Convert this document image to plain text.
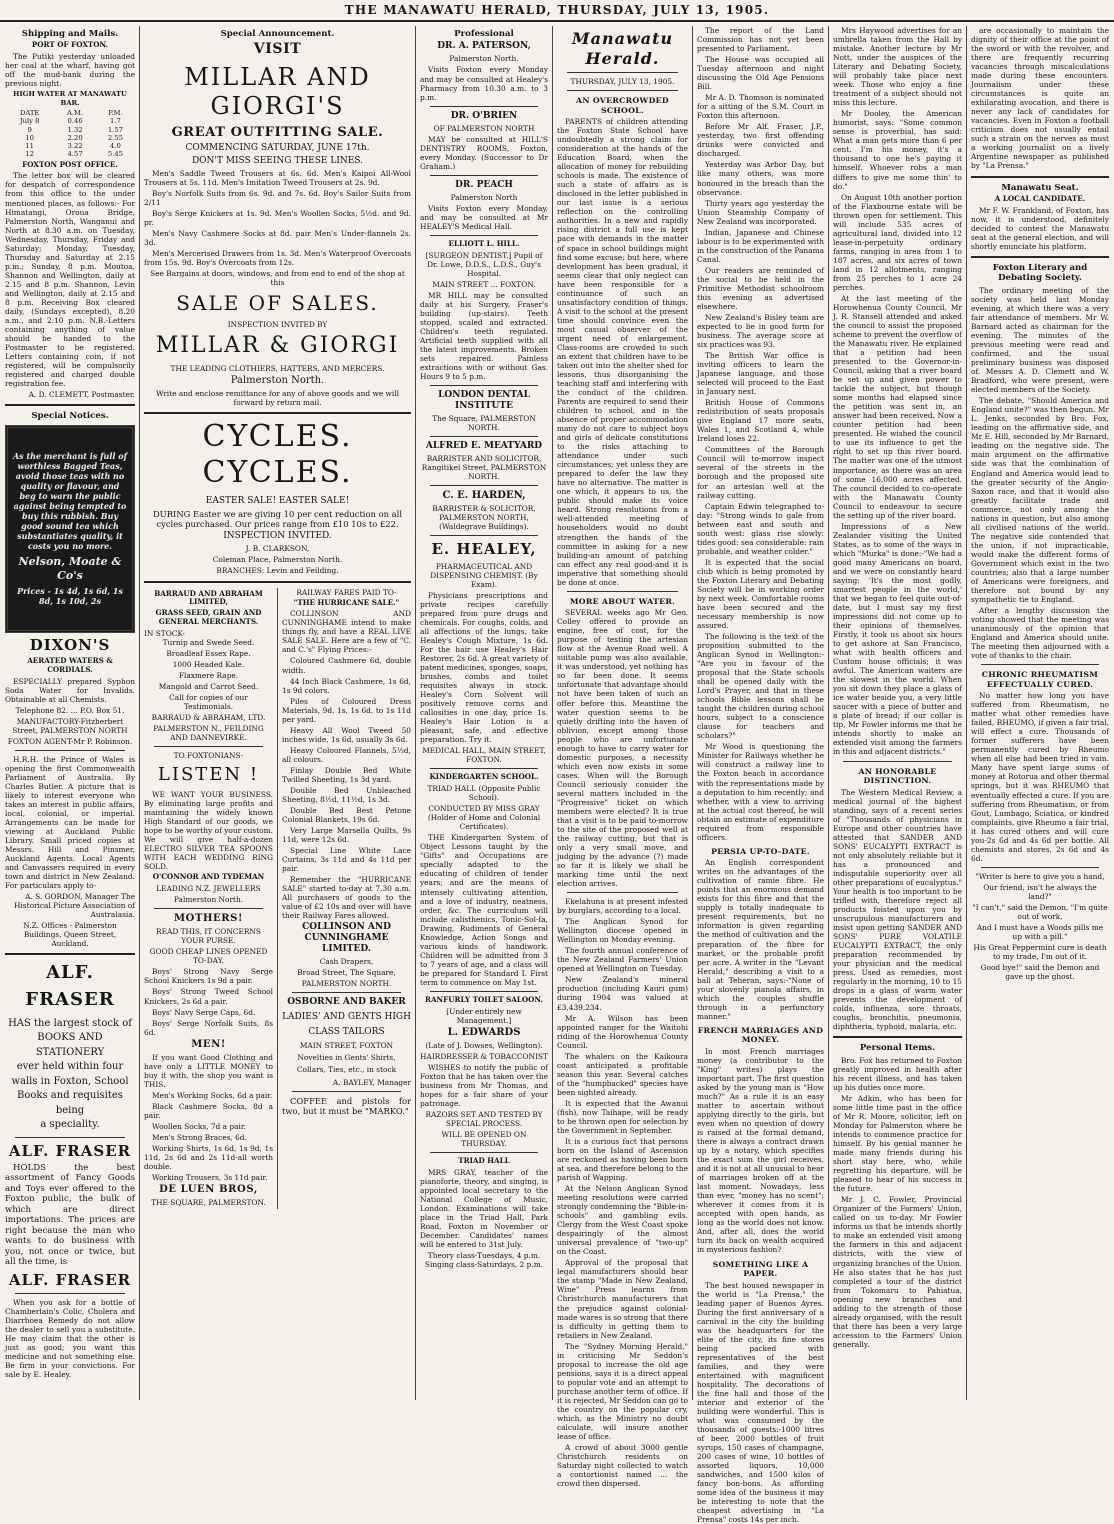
THE MANAWATU HERALD, THURSDAY, JULY 13, 1905.
Shipping and Mails.
PORT OF FOXTON.

The Putiki yesterday unloaded her coal at the wharf, having got off the mud-bank during the previous night.

HIGH WATER AT MANAWATU BAR.
DATE	A.M.	P.M.
July 8	0.46	1.7
9	1.32	1.57
10	2.20	2.55
11	3.22	4.0
12	4.57	5.45
FOXTON POST OFFICE.

The letter box will be cleared for despatch of correspondence from this office to the under mentioned places, as follows:- For Himatangi, Oroua Bridge, Palmerston North, Wanganui and North at 8.30 a.m. on Tuesday, Wednesday, Thursday, Friday and Saturday; Monday, Tuesday, Thursday and Saturday at 2.15 p.m.; Sunday, 8 p.m. Moutoa, Shannon and Wellington, daily at 2.15 and 8 p.m. Shannon, Levin and Wellington, daily at 2.15 and 8 p.m. Receiving Box cleared daily, (Sundays excepted), 8.20 a.m., and 2.10 p.m. N.B.-Letters containing anything of value should be handed to the Postmaster to be registered. Letters containing coin, if not registered, will be compulsorily registered and charged double registration fee.

A. D. CLEMETT, Postmaster.

Special Notices.
As the merchant is full of worthless Bagged Teas, avoid those teas with no quality or flavour, and beg to warn the public against being tempted to buy this rubbish. Buy good sound tea which substantiates quality, it costs you no more.
Nelson, Moate & Co's
Prices - 1s 4d, 1s 6d, 1s 8d, 1s 10d, 2s
DIXON'S
AERATED WATERS & CORDIALS.

ESPECIALLY prepared Syphon Soda Water for Invalids. Obtainable at all Chemists.

Telephone 82. ... P.O. Box 51.

MANUFACTORY-Fitzherbert Street, PALMERSTON NORTH

FOXTON AGENT-Mr P. Robinson.

H.R.H. the Prince of Wales is opening the first Commonwealth Parliament of Australia. By Charles Butler. A picture that is likely to interest everyone who takes an interest in public affairs, local, colonial, or imperial. Arrangements can be made for viewing at Auckland Public Library. Small priced copies at Messrs. Hill and Pinsmer, Auckland Agents. Local Agents and Canvassers required in every town and district in New Zealand. For particulars apply to-

A. S. GORDON, Manager The Historical Picture Association of Australasia.

N.Z. Offices - Palmerston Buildings, Queen Street, Auckland.

ALF. FRASER
HAS the largest stock of
BOOKS AND STATIONERY
ever held within four
walls in Foxton, School
Books and requisites being
a speciality.
ALF. FRASER

HOLDS the best assortment of Fancy Goods and Toys ever offered to the Foxton public, the bulk of which are direct importations. The prices are right because the man who wants to do business with you, not once or twice, but all the time, is

ALF. FRASER

When you ask for a bottle of Chamberlain's Colic, Cholera and Diarrhoea Remedy do not allow the dealer to sell you a substitute. He may claim that the other is just as good; you want this medicine and not something else. Be firm in your convictions. For sale by E. Healey.

Special Announcement.
VISIT
MILLAR AND GIORGI'S
GREAT OUTFITTING SALE.

COMMENCING SATURDAY, JUNE 17th.

DON'T MISS SEEING THESE LINES.

Men's Saddle Tweed Trousers at 6s. 6d. Men's Kaipoi All-Wool Trousers at 5s. 11d. Men's Imitation Tweed Trousers at 2s. 9d.

Boy's Norfolk Suits from 6s. 9d. and 7s. 6d. Boy's Sailor Suits from 2/11

Boy's Serge Knickers at 1s. 9d. Men's Woollen Socks, 5½d. and 9d. pr.

Men's Navy Cashmere Socks at 8d. pair Men's Under-flannels 2s. 3d.

Men's Mercerised Drawers from 1s. 3d. Men's Waterproof Overcoats from 15s. 9d. Boy's Overcoats from 12s.

See Bargains at doors, windows, and from end to end of the shop at this

SALE OF SALES.

INSPECTION INVITED BY

MILLAR & GIORGI

THE LEADING CLOTHIERS, HATTERS, AND MERCERS.

Palmerston North.

Write and enclose remittance for any of above goods and we will forward by return mail.

CYCLES. CYCLES.

EASTER SALE! EASTER SALE!

DURING Easter we are giving 10 per cent reduction on all cycles purchased. Our prices range from £10 10s to £22.

INSPECTION INVITED.

J. B. CLARKSON,

Coleman Place, Palmerston North.

BRANCHES: Levin and Feilding.

BARRAUD AND ABRAHAM LIMITED,
GRASS SEED, GRAIN AND GENERAL MERCHANTS.

IN STOCK-

Turnip and Swede Seed.

Broadleaf Essex Rape.

1000 Headed Kale.

Flaxmere Rape.

Mangold and Carrot Seed.

Call for copies of our Testimonials.

BARRAUD & ABRAHAM, LTD.

PALMERSTON N., FEILDING AND DANNEVIRKE.

TO FOXTONIANS-

LISTEN !

WE WANT YOUR BUSINESS. By eliminating large profits and maintaining the widely known High Standard of our goods, we hope to be worthy of your custom. We will give half-a-dozen ELECTRO SILVER TEA SPOONS WITH EACH WEDDING RING SOLD.

O'CONNOR AND TYDEMAN

LEADING N.Z. JEWELLERS

Palmerston North.

MOTHERS!

READ THIS, IT CONCERNS YOUR PURSE.

GOOD CHEAP LINES OPENED TO-DAY.

Boys' Strong Navy Serge School Knickers 1s 9d a pair.

Boys' Strong Tweed School Knickers, 2s 6d a pair.

Boys' Navy Serge Caps, 6d.

Boys' Serge Norfolk Suits, 8s 6d.

MEN!

If you want Good Clothing and have only a LITTLE MONEY to buy it with, the shop you want is THIS.

Men's Working Socks, 6d a pair.

Black Cashmere Socks, 8d a pair.

Woollen Socks, 7d a pair.

Men's Strong Braces, 6d.

Working Shirts, 1s 6d, 1s 9d, 1s 11d, 2s 6d and 2s 11d-all worth double.

Working Trousers, 3s 11d pair.

DE LUEN BROS,

THE SQUARE, PALMERSTON.

RAILWAY FARES PAID TO-

"THE HURRICANE SALE."

COLLINSON AND CUNNINGHAME intend to make things fly, and have a REAL LIVE SALE SALE. Here are a few of "C. and C.'s" Flying Prices:-

Coloured Cashmere 6d, double width.

44 Inch Black Cashmere, 1s 6d, 1s 9d colors.

Piles of Coloured Dress Materials, 9d, 1s, 1s 6d, to 1s 11d per yard.

Heavy All Wool Tweed 50 inches wide, 1s 6d, usually 3s 6d.

Heavy Coloured Flannels, 5½d, all colours.

Finlay Double Bed White Twilled Sheeting, 1s 3d yard.

Double Bed Unbleached Sheeting, 8½d, 11½d, 1s 3d.

Double Bed Best Petone Colonial Blankets, 19s 6d.

Very Large Marsella Quilts, 9s 11d, were 12s 6d.

Special Line White Lace Curtains, 3s 11d and 4s 11d per pair.

Remember the "HURRICANE SALE" started to-day at 7.30 a.m. All purchasers of goods to the value of £2 10s and over will have their Railway Fares allowed.

COLLINSON AND CUNNINGHAME LIMITED.

Cash Drapers,

Broad Street, The Square,

PALMERSTON NORTH.

OSBORNE AND BAKER

LADIES' AND GENTS HIGH CLASS TAILORS

MAIN STREET, FOXTON

Novelties in Gents' Shirts, Collars, Ties, etc., in stock

A. BAYLEY, Manager

COFFEE and pistols for two, but it must be "MARKO."

Professional
DR. A. PATERSON,

Palmerston North.

Visits Foxton every Monday and may be consulted at Healey's Pharmacy from 10.30 a.m. to 3 p.m.

DR. O'BRIEN

OF PALMERSTON NORTH

MAY be consulted at HILL'S DENTISTRY ROOMS, Foxton, every Monday. (Successor to Dr Graham.)

DR. PEACH

Palmerston North

Visits Foxton every Monday, and may be consulted at Mr HEALEY'S Medical Hall.

ELLIOTT L. HILL.

[SURGEON DENTIST.] Pupil of Dr. Lowe, D.D.S., L.D.S., Guy's Hospital.

MAIN STREET ... FOXTON.

MR HILL may be consulted daily at his Surgery, Fraser's building (up-stairs). Teeth stopped, scaled and extracted. Children's teeth regulated. Artificial teeth supplied with all the latest improvements. Broken sets repaired. Painless extractions with or without Gas. Hours 9 to 5 p.m.

LONDON DENTAL INSTITUTE

The Square, PALMERSTON NORTH.

ALFRED E. MEATYARD

BARRISTER AND SOLICITOR, Rangitikei Street, PALMERSTON NORTH.

C. E. HARDEN,

BARRISTER & SOLICITOR, PALMERSTON NORTH, (Waldegrave Buildings).

E. HEALEY,

PHARMACEUTICAL AND DISPENSING CHEMIST. (By Exam).

Physicians prescriptions and private recipes carefully prepared from pure drugs and chemicals. For coughs, colds, and all affections of the lungs, take Healey's Cough Mixture, 1s 6d. For the hair use Healey's Hair Restorer, 2s 6d. A great variety of patent medicines, sponges, soaps, brushes, combs and toilet requisites always in stock. Healey's Corn Solvent will positively remove corns and callosities in one day, price 1s. Healey's Hair Lotion is a pleasant, safe, and effective preparation. Try it.

MEDICAL HALL, MAIN STREET, FOXTON.

KINDERGARTEN SCHOOL.

TRIAD HALL (Opposite Public School).

CONDUCTED BY MISS GRAY (Holder of Home and Colonial Certificates).

THE Kindergarten System of Object Lessons taught by the "Gifts" and Occupations are specially adapted to the educating of children of tender years; and are the means of intensely cultivating attention, and a love of industry, neatness, order, &c. The curriculum will include calisthenics, Tonic-Sol-fa, Drawing, Rudiments of General Knowledge, Action Songs and various kinds of handiwork. Children will be admitted from 3 to 7 years of age, and a class will be prepared for Standard I. First term to commence on May 1st.

RANFURLY TOILET SALOON.

[Under entirely new Management.]

L. EDWARDS

(Late of J. Dowses, Wellington).

HAIRDRESSER & TOBACCONIST

WISHES to notify the public of Foxton that he has taken over the business from Mr Thomas, and hopes for a fair share of your patronage.

RAZORS SET AND TESTED BY SPECIAL PROCESS.

WILL BE OPENED ON THURSDAY.

TRIAD HALL

MRS GRAY, teacher of the pianoforte, theory, and singing, is appointed local secretary to the National College of Music, London. Examinations will take place in the Triad Hall, Park Road, Foxton in November or December. Candidates' names will be entered to 31st July.

Theory class-Tuesdays, 4 p.m. Singing class-Saturdays, 2 p.m.

Manawatu Herald.

THURSDAY, JULY 13, 1905.

AN OVERCROWDED SCHOOL.

PARENTS of children attending the Foxton State School have undoubtedly a strong claim for consideration at the hands of the Education Board, when the allocation of money for rebuilding schools is made. The existence of such a state of affairs as is disclosed in the letter published in our last issue is a serious reflection on the controlling authorities. In a new and rapidly rising district a full use is kept pace with demands in the matter of space in school buildings might find some excuse; but here, where development has been gradual, it seems clear that only neglect can have been responsible for a continuance of such an unsatisfactory condition of things. A visit to the school at the present time should convince even the most casual observer of the urgent need of enlargement. Class-rooms are crowded to such an extent that children have to be taken out into the shelter shed for lessons, thus disorganising the teaching staff and interfering with the conduct of the children. Parents are required to send their children to school, and in the absence of proper accommodation many do not care to subject boys and girls of delicate constitutions to the risks attaching to attendance under such circumstances; yet unless they are prepared to defer the law they have no alternative. The matter is one which, it appears to us, the public should make its voice heard. Strong resolutions from a well-attended meeting of householders would no doubt strengthen the hands of the committee in asking for a new building-an amount of patching can effect any real good-and it is imperative that something should be done at once.

MORE ABOUT WATER.

SEVERAL weeks ago Mr Geo. Colley offered to provide an engine, free of cost, for the purpose of testing the artesian flow at the Avenue Road well. A suitable pump was also available, it was understood, yet nothing has so far been done. It seems unfortunate that advantage should not have been taken of such an offer before this. Meantime the water question seems to be quietly drifting into the haven of oblivion, except among those people who are unfortunate enough to have to carry water for domestic purposes, a necessity which even now exists in some cases. When will the Borough Council seriously consider the several matters included in the "Progressive" ticket on which members were elected? It is true that a visit is to be paid to-morrow to the site of the proposed well at the railway cutting, but that is only a very small move, and judging by the advance (?) made so far it is likely we shall be marking time until the next election arrives.

Ekelahuna is at present infested by burglars, according to a local.

The Anglican Synod for Wellington diocese opened in Wellington on Monday evening.

The fourth annual conference of the New Zealand Farmers' Union opened at Wellington on Tuesday.

New Zealand's mineral production (including Kauri gum) during 1904 was valued at £3,439,234.

Mr A. Wilson has been appointed ranger for the Waitohi riding of the Horowhenua County Council.

The whalers on the Kaikoura coast anticipated a profitable season this year. Several catches of the "humpbacked" species have been sighted already.

It is expected that the Awanui (fish), now Taihape, will be ready to be thrown open for selection by the Government in September.

It is a curious fact that persons born on the Island of Ascension are reckoned as having been born at sea, and therefore belong to the parish of Wapping.

At the Nelson Anglican Synod meeting resolutions were carried strongly condemning the "Bible-in-schools" and gambling evils. Clergy from the West Coast spoke despairingly of the almost universal prevalence of "two-up" on the Coast.

Approval of the proposal that legal manufacturers should bear the stamp "Made in New Zealand, Wine" Press learns from Christchurch manufacturers that the prejudice against colonial-made wares is so strong that there is difficulty in getting them to retailers in New Zealand.

The "Sydney Morning Herald," in criticising Mr Seddon's proposal to increase the old age pensions, says it is a direct appeal to popular vote and an attempt to purchase another term of office. If it is rejected, Mr Seddon can go to the country on the popular cry, which, as the Ministry no doubt calculate, will insure another lease of office.

A crowd of about 3000 gentle Christchurch residents on Saturday night collected to watch a contortionist named ... the crowd then dispersed.

The report of the Land Commission has not yet been presented to Parliament.

The House was occupied all Tuesday afternoon and night discussing the Old Age Pensions Bill.

Mr A. D. Thomson is nominated for a sitting of the S.M. Court in Foxton this afternoon.

Before Mr Alf. Fraser, J.P., yesterday, two first offending drunks were convicted and discharged.

Yesterday was Arbor Day, but like many others, was more honoured in the breach than the observance.

Thirty years ago yesterday the Union Steamship Company of New Zealand was incorporated.

Indian, Japanese and Chinese labour is to be experimented with in the construction of the Panama Canal.

Our readers are reminded of the social to be held in the Primitive Methodist schoolroom this evening as advertised elsewhere.

New Zealand's Bisley team are expected to be in good form for business. The average score at six practices was 93.

The British War office is inviting officers to learn the Japanese language, and those selected will proceed to the East in January next.

British House of Commons redistribution of seats proposals give England 17 more seats, Wales 1, and Scotland 4, while Ireland loses 22.

Committees of the Borough Council will to-morrow inspect several of the streets in the borough and the proposed site for an artesian well at the railway cutting.

Captain Edwin telegraphed to-day: "Strong winds to gale from between east and south and south west: glass rise slowly: tides good: sea considerable: rain probable, and weather colder."

It is expected that the social club which is being promoted by the Foxton Literary and Debating Society will be in working order by next week. Comfortable rooms have been secured and the necessary membership is now assured.

The following is the text of the proposition submitted to the Anglican Synod in Wellington:-"Are you in favour of the proposal that the State schools shall be opened daily with the Lord's Prayer, and that in these schools Bible lessons shall be taught the children during school hours, subject to a conscience clause for teachers and scholars?"

Mr Wood is questioning the Minister for Railways whether he will construct a railway line to the Foxton beach in accordance with the representations made by a deputation to him recently; and whether, with a view to arriving at the actual cost thereof, he will obtain an estimate of expenditure required from responsible officers.

PERSIA UP-TO-DATE.

An English correspondent writes on the advantages of the cultivation of ramie fibre. He points that an enormous demand exists for this fibre and that the supply is totally inadequate to present requirements, but no information is given regarding the method of cultivation and the preparation of the fibre for market, or the probable profit per acre. A writer in the "Levant Herald," describing a visit to a ball at Teheran, says:-"None of your slovenly pianola affairs, in which the couples shuffle through in a perfunctory manner."

FRENCH MARRIAGES AND MONEY.

In most French marriages money (a contributor to the "King" writes) plays the important part. The first question asked by the young man is "How much?" As a rule it is an easy matter to ascertain without applying directly to the girls, but even when no question of dowry is raised at the formal demand, there is always a contract drawn up by a notary, which specifies the exact sum the girl receives, and it is not at all unusual to hear of marriages broken off at the last moment. Nowadays, less than ever, "money has no scent"; wherever it comes from it is accepted with open hands, as long as the world does not know. And, after all, does the world turn its back on wealth acquired in mysterious fashion?

SOMETHING LIKE A PAPER.

The best housed newspaper in the world is "La Prensa," the leading paper of Buenos Ayres. During the first anniversary of a carnival in the city the building was the headquarters for the elite of the city, its fine stores being packed with representatives of the best families, and they were entertained with magnificent hospitality. The decorations of the fine hall and those of the interior and exterior of the building were wonderful. This is what was consumed by the thousands of guests:-1000 litres of beer, 2000 bottles of fruit syrups, 150 cases of champagne, 200 cases of wine, 10 bottles of assorted liquors, 10,000 sandwiches, and 1500 kilos of fancy bon-bons. As affording some idea of the business it may be interesting to note that the cheapest advertising in "La Prensa" costs 14s per inch.

Mrs Haywood advertises for an umbrella taken from the Hall by mistake. Another lecture by Mr Nott, under the auspices of the Literary and Debating Society, will probably take place next week. Those who enjoy a fine treatment of a subject should not miss this lecture.

Mr Dooley, the American humorist, says: "Some common sense is proverbial, has said: What a man gets more than 6 per cent. I'm his money, it's a thousand to one he's paying it himself. Whoever robs a man differs to give me some thin' to do."

On August 10th another portion of the Flaxbourne estate will be thrown open for settlement. This will include 535 acres of agricultural land, divided into 12 lease-in-perpetuity ordinary farms, ranging in area from 1 to 187 acres, and six acres of town land in 12 allotments, ranging from 25 perches to 1 acre 24 perches.

At the last meeting of the Horowhenua County Council, Mr J. R. Stansell attended and asked the council to assist the proposed scheme to prevent the overflow of the Manawatu river. He explained that a petition had been presented to the Governor-in-Council, asking that a river board be set up and given power to tackle the subject, but though some months had elapsed since the petition was sent in, an answer had been received. Now a counter petition had been presented. He wished the council to use its influence to get the right to set up this river board. The matter was one of the utmost importance, as there was an area of some 16,000 acres affected. The council decided to co-operate with the Manawatu County Council to endeavour to secure the setting up of the river board.

Impressions of a New Zealander visiting the United States, as to some of the ways in which "Murka" is done:-"We had a good many Americans on board, and we were on constantly heard saying: 'It's the most godly, smartest people in the world,' that we began to feel quite out-of-date, but I must say my first impressions did not come up to their opinions of themselves. Firstly, it took us about six hours to get ashore at San Francisco, what with health officers and Custom house officials; it was awful. The American waiters are the slowest in the world. When you sit down they place a glass of ice water beside you, a very little saucer with a piece of butter and a plate of bread; if our collar is tip, Mr Fowler informs me that he intends shortly to make an extended visit among the farmers in this and adjacent districts."

AN HONORABLE DISTINCTION.

The Western Medical Review, a medical journal of the highest standing, says of a recent series of "Thousands of physicians in Europe and other countries have attested that SANDER AND SONS' EUCALYPTI EXTRACT is not only absolutely reliable but it has a pronounced and indisputable superiority over all other preparations of eucalyptus." Your health is too important to be trifled with, therefore reject all products foisted upon you by unscrupulous manufacturers and insist upon getting SANDER AND SONS' PURE VOLATILE EUCALYPTI EXTRACT, the only preparation recommended by your physician and the medical press. Used as remedies, most regularly in the morning, 10 to 15 drops in a glass of warm water prevents the development of colds, influenza, sore throats, coughs, bronchitis, pneumonia, diphtheria, typhoid, malaria, etc.

Personal Items.

Bro. Fox has returned to Foxton greatly improved in health after his recent illness, and has taken up his duties once more.

Mr Adkin, who has been for some little time past in the office of Mr R. Moore, solicitor, left on Monday for Palmerston where he intends to commence practice for himself. By his genial manner he made many friends during his short stay here, who, while regretting his departure, will be pleased to hear of his success in the future.

Mr J. C. Fowler, Provincial Organizer of the Farmers' Union, called on us to-day. Mr Fowler informs us that he intends shortly to make an extended visit among the farmers in this and adjacent districts, with the view of organizing branches of the Union. He also states that he has just completed a tour of the district from Tokomaru to Pahiatua, opening new branches and adding to the strength of those already organised, with the result that there has been a very large accession to the Farmers' Union generally.

are occasionally to maintain the dignity of their office at the point of the sword or with the revolver, and there are frequently recurring vacancies through miscalculations made during these encounters. Journalism under these circumstances is quite an exhilarating avocation, and there is never any lack of candidates for vacancies. Even in Foxton a football criticism does not usually entail such a strain on the nerves as must a working journalist on a lively Argentine newspaper as published by "La Prensa."

Manawatu Seat.
A LOCAL CANDIDATE.

Mr F. W. Frankland, of Foxton, has now, it is understood, definitely decided to contest the Manawatu seat at the general election, and will shortly enunciate his platform.

Foxton Literary and Debating Society.

The ordinary meeting of the society was held last Monday evening, at which there was a very fair attendance of members. Mr W. Barnard acted as chairman for the evening. The minutes of the previous meeting were read and confirmed, and the usual preliminary business was disposed of. Messrs A. D. Clemett and W. Bradford, who were present, were elected members of the Society.

The debate, "Should America and England unite?" was then begun. Mr L. Jenks, seconded by Bro. Fox, leading on the affirmative side, and Mr E. Hill, seconded by Mr Barnard, leading on the negative side. The main argument on the affirmative side was that the combination of England and America would lead to the greater security of the Anglo-Saxon race, and that it would also greatly facilitate trade and commerce, not only among the nations in question, but also among all civilised nations of the world. The negative side contended that the union, if not impracticable, would make the different forms of Government which exist in the two countries; also that a large number of Americans were foreigners, and therefore not bound by any sympathetic tie to England.

After a lengthy discussion the voting showed that the meeting was unanimously of the opinion that England and America should unite. The meeting then adjourned with a vote of thanks to the chair.

CHRONIC RHEUMATISM EFFECTUALLY CURED.

No matter how long you have suffered from Rheumatism, no matter what other remedies have failed, RHEUMO, if given a fair trial, will effect a cure. Thousands of former sufferers have been permanently cured by Rheumo when all else had been tried in vain. Many have spent large sums of money at Rotorua and other thermal springs, but it was RHEUMO that eventually effected a cure. If you are suffering from Rheumatism, or from Gout, Lumbago, Sciatica, or kindred complaints, give Rheumo a fair trial, it has cured others and will cure you-2s 6d and 4s 6d per bottle. All chemists and stores, 2s 6d and 4s 6d.

"Writer is here to give you a hand,

Our friend, isn't he always the land?"

"I can't," said the Demon, "I'm quite out of work,

And I must have a Woods pills me up with a pill."

His Great Peppermint cure is death to my trade, I'm out of it.

Good bye!" said the Demon and gave up the ghost.
